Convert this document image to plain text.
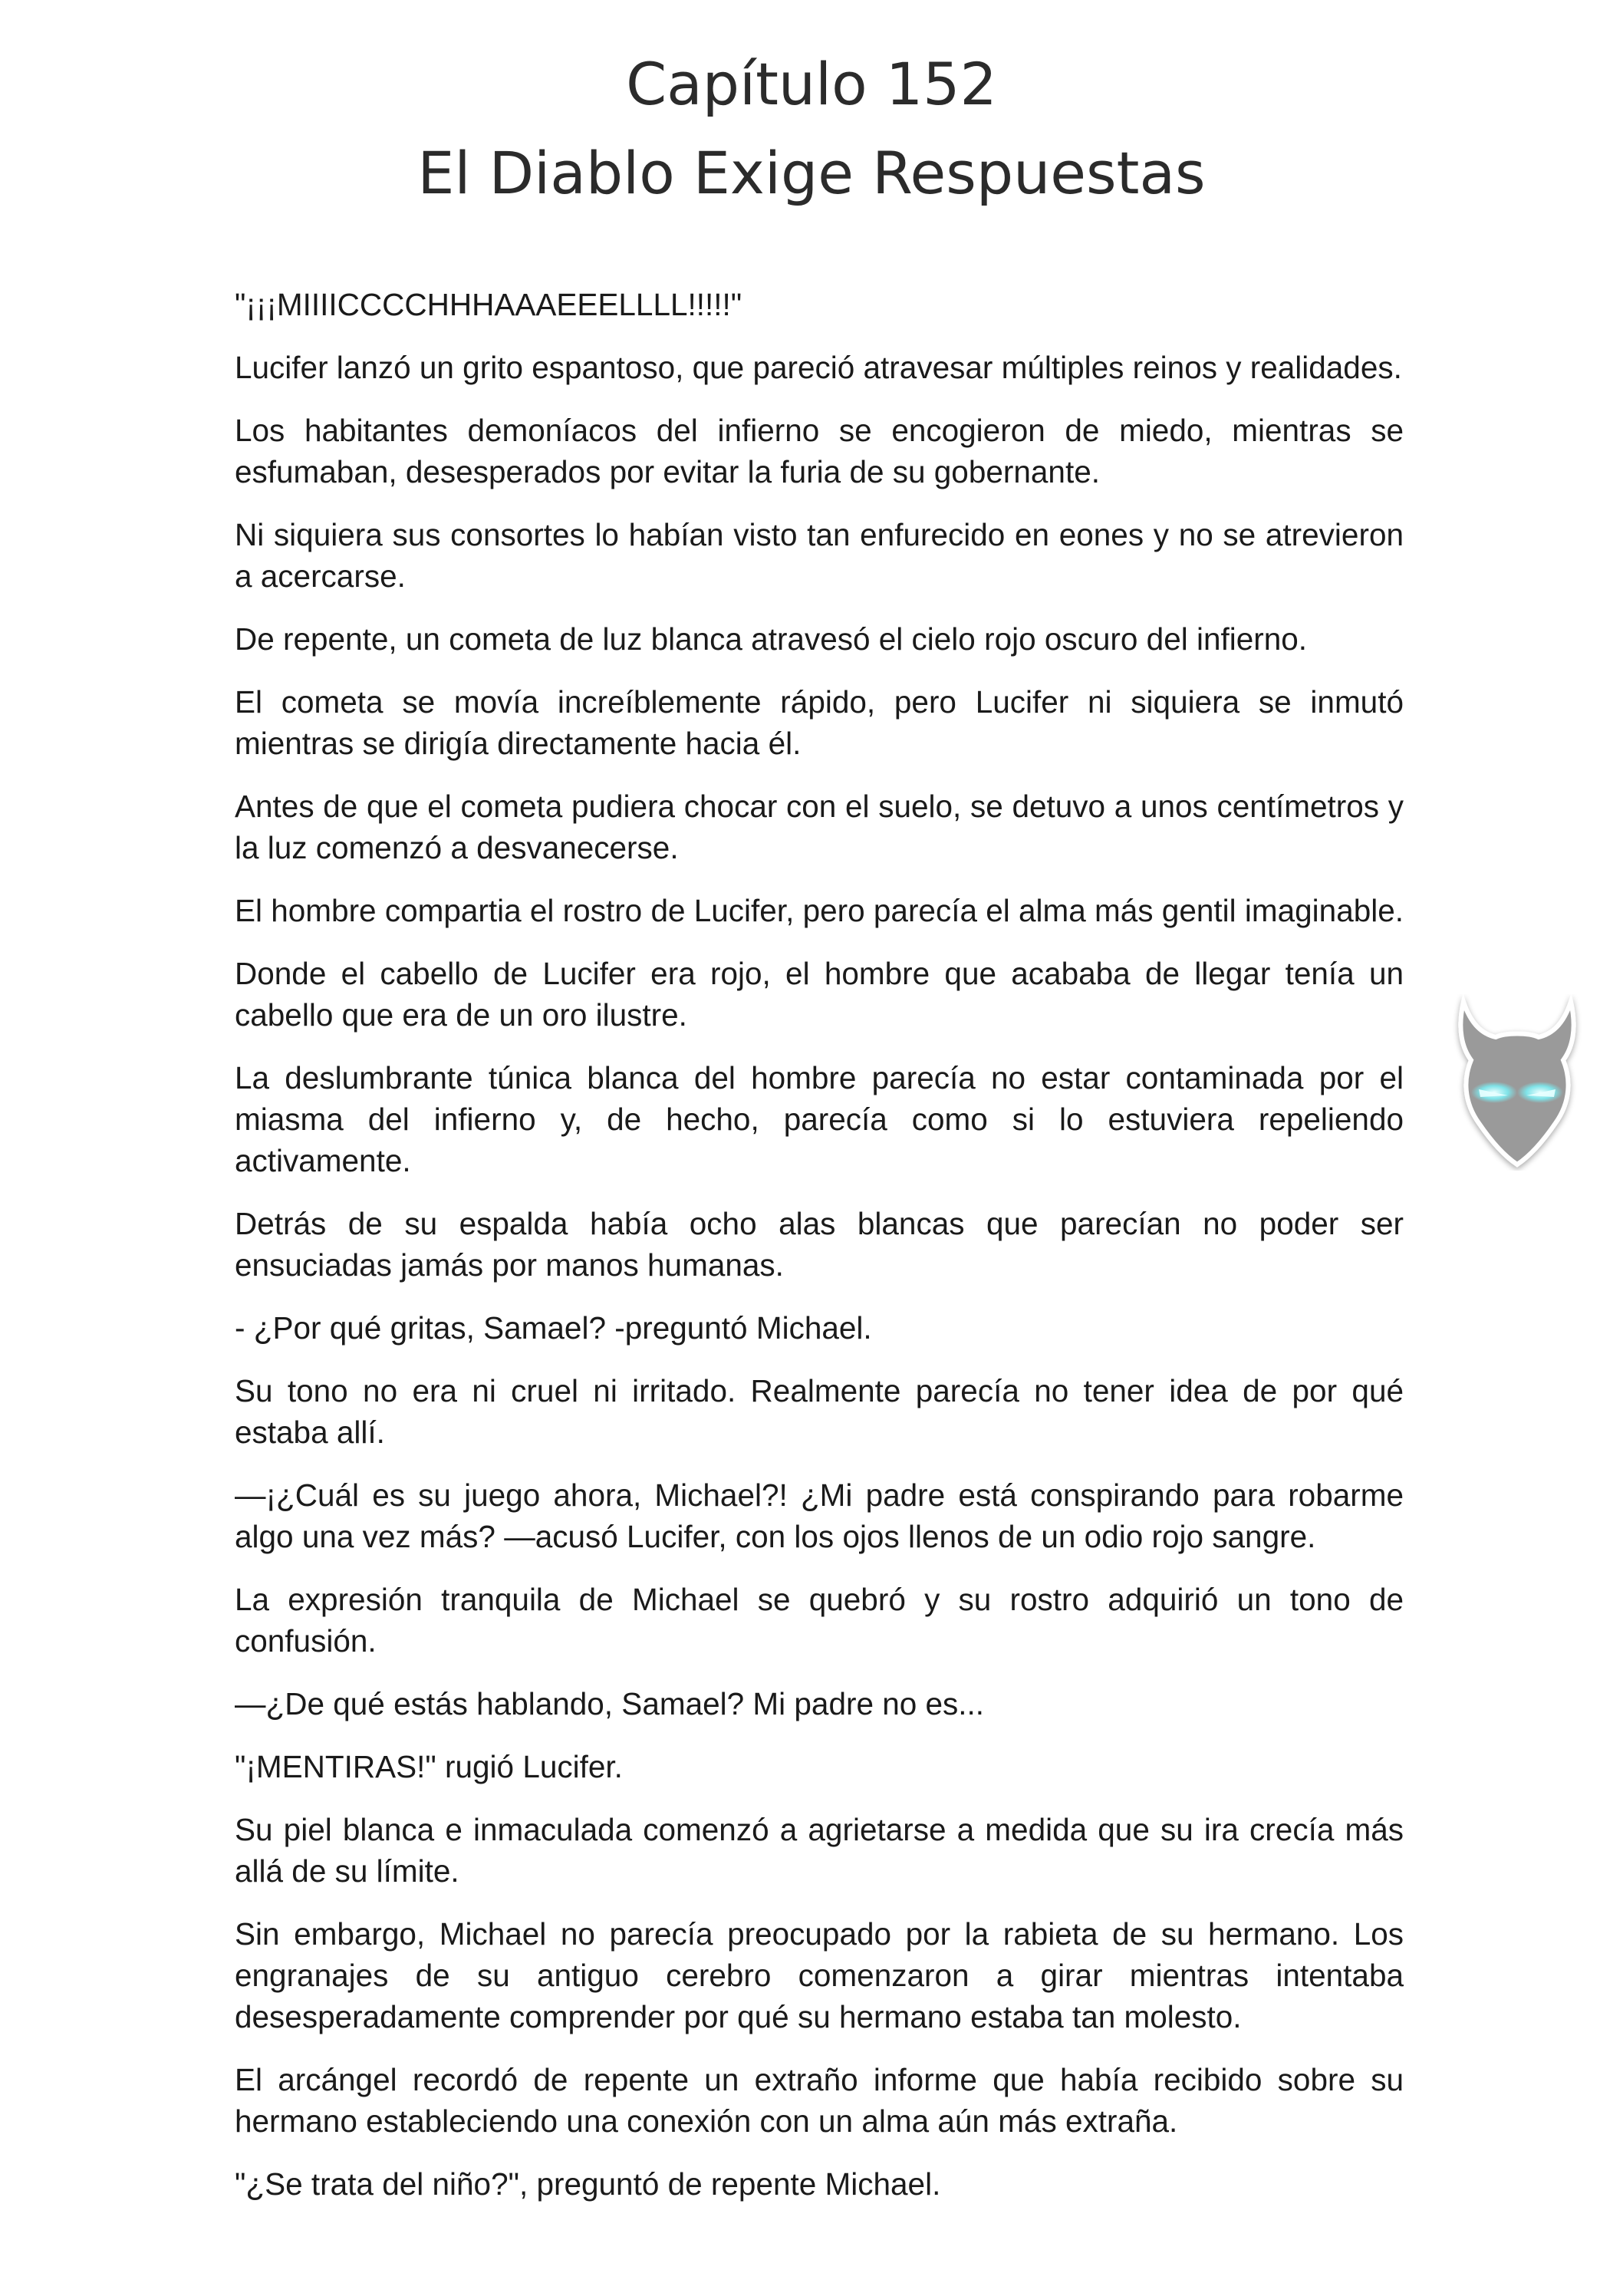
Capítulo 152
El Diablo Exige Respuestas

"¡¡¡MIIIICCCCHHHAAAEEELLLL!!!!!"

Lucifer lanzó un grito espantoso, que pareció atravesar múltiples reinos y realidades.

Los habitantes demoníacos del infierno se encogieron de miedo, mientras se esfumaban, desesperados por evitar la furia de su gobernante.

Ni siquiera sus consortes lo habían visto tan enfurecido en eones y no se atrevieron a acercarse.

De repente, un cometa de luz blanca atravesó el cielo rojo oscuro del infierno.

El cometa se movía increíblemente rápido, pero Lucifer ni siquiera se inmutó mientras se dirigía directamente hacia él.

Antes de que el cometa pudiera chocar con el suelo, se detuvo a unos centímetros y la luz comenzó a desvanecerse.

El hombre compartia el rostro de Lucifer, pero parecía el alma más gentil imaginable.

Donde el cabello de Lucifer era rojo, el hombre que acababa de llegar tenía un cabello que era de un oro ilustre.

La deslumbrante túnica blanca del hombre parecía no estar contaminada por el miasma del infierno y, de hecho, parecía como si lo estuviera repeliendo activamente.

Detrás de su espalda había ocho alas blancas que parecían no poder ser ensuciadas jamás por manos humanas.

- ¿Por qué gritas, Samael? -preguntó Michael.

Su tono no era ni cruel ni irritado. Realmente parecía no tener idea de por qué estaba allí.

—¡¿Cuál es su juego ahora, Michael?! ¿Mi padre está conspirando para robarme algo una vez más? —acusó Lucifer, con los ojos llenos de un odio rojo sangre.

La expresión tranquila de Michael se quebró y su rostro adquirió un tono de confusión.

—¿De qué estás hablando, Samael? Mi padre no es...

"¡MENTIRAS!" rugió Lucifer.

Su piel blanca e inmaculada comenzó a agrietarse a medida que su ira crecía más allá de su límite.

Sin embargo, Michael no parecía preocupado por la rabieta de su hermano. Los engranajes de su antiguo cerebro comenzaron a girar mientras intentaba desesperadamente comprender por qué su hermano estaba tan molesto.

El arcángel recordó de repente un extraño informe que había recibido sobre su hermano estableciendo una conexión con un alma aún más extraña.

"¿Se trata del niño?", preguntó de repente Michael.
